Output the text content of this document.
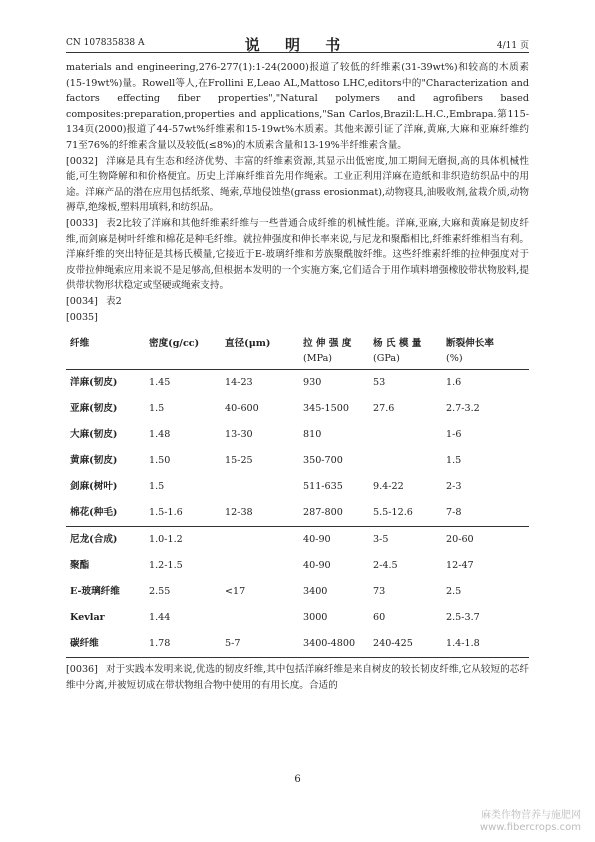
CN 107835838 A	说 明 书	4/11 页

materials and engineering,276-277(1):1-24(2000)报道了较低的纤维素(31-39wt%)和较高的木质素(15-19wt%)量。Rowell等人,在Frollini E,Leao AL,Mattoso LHC,editors中的"Characterization and factors effecting fiber properties","Natural polymers and agrofibers based composites:preparation,properties and applications,"San Carlos,Brazil:L.H.C.,Embrapa.第115-134页(2000)报道了44-57wt%纤维素和15-19wt%木质素。其他来源引证了洋麻,黄麻,大麻和亚麻纤维约71至76%的纤维素含量以及较低(≤8%)的木质素含量和13-19%半纤维素含量。

[0032] 洋麻是具有生态和经济优势、丰富的纤维素资源,其显示出低密度,加工期间无磨损,高的具体机械性能,可生物降解和和价格便宜。历史上洋麻纤维首先用作绳索。工业正利用洋麻在造纸和非织造纺织品中的用途。洋麻产品的潜在应用包括纸浆、绳索,草地侵蚀垫(grass erosionmat),动物寝具,油吸收剂,盆栽介质,动物褥草,绝缘板,塑料用填料,和纺织品。

[0033] 表2比较了洋麻和其他纤维素纤维与一些普通合成纤维的机械性能。洋麻,亚麻,大麻和黄麻是韧皮纤维,而剑麻是树叶纤维和棉花是种毛纤维。就拉伸强度和伸长率来说,与尼龙和聚酯相比,纤维素纤维相当有利。洋麻纤维的突出特征是其杨氏模量,它接近于E-玻璃纤维和芳族聚酰胺纤维。这些纤维素纤维的拉伸强度对于皮带拉伸绳索应用来说不是足够高,但根据本发明的一个实施方案,它们适合于用作填料增强橡胶带状物胶料,提供带状物形状稳定或坚硬或绳索支持。

[0034] 表2

[0035]

纤维	密度(g/cc)	直径(μm)	拉 伸 强 度	杨 氏 模 量	断裂伸长率
			(MPa)	(GPa)	(%)
洋麻(韧皮)	1.45	14-23	930	53	1.6
亚麻(韧皮)	1.5	40-600	345-1500	27.6	2.7-3.2
大麻(韧皮)	1.48	13-30	810		1-6
黄麻(韧皮)	1.50	15-25	350-700		1.5
剑麻(树叶)	1.5		511-635	9.4-22	2-3
棉花(种毛)	1.5-1.6	12-38	287-800	5.5-12.6	7-8
尼龙(合成)	1.0-1.2		40-90	3-5	20-60
聚酯	1.2-1.5		40-90	2-4.5	12-47
E-玻璃纤维	2.55	<17	3400	73	2.5
Kevlar	1.44		3000	60	2.5-3.7
碳纤维	1.78	5-7	3400-4800	240-425	1.4-1.8

[0036] 对于实践本发明来说,优选的韧皮纤维,其中包括洋麻纤维是来自树皮的较长韧皮纤维,它从较短的芯纤维中分离,并被短切成在带状物组合物中使用的有用长度。合适的

6
麻类作物营养与施肥网
www.fibercrops.com
